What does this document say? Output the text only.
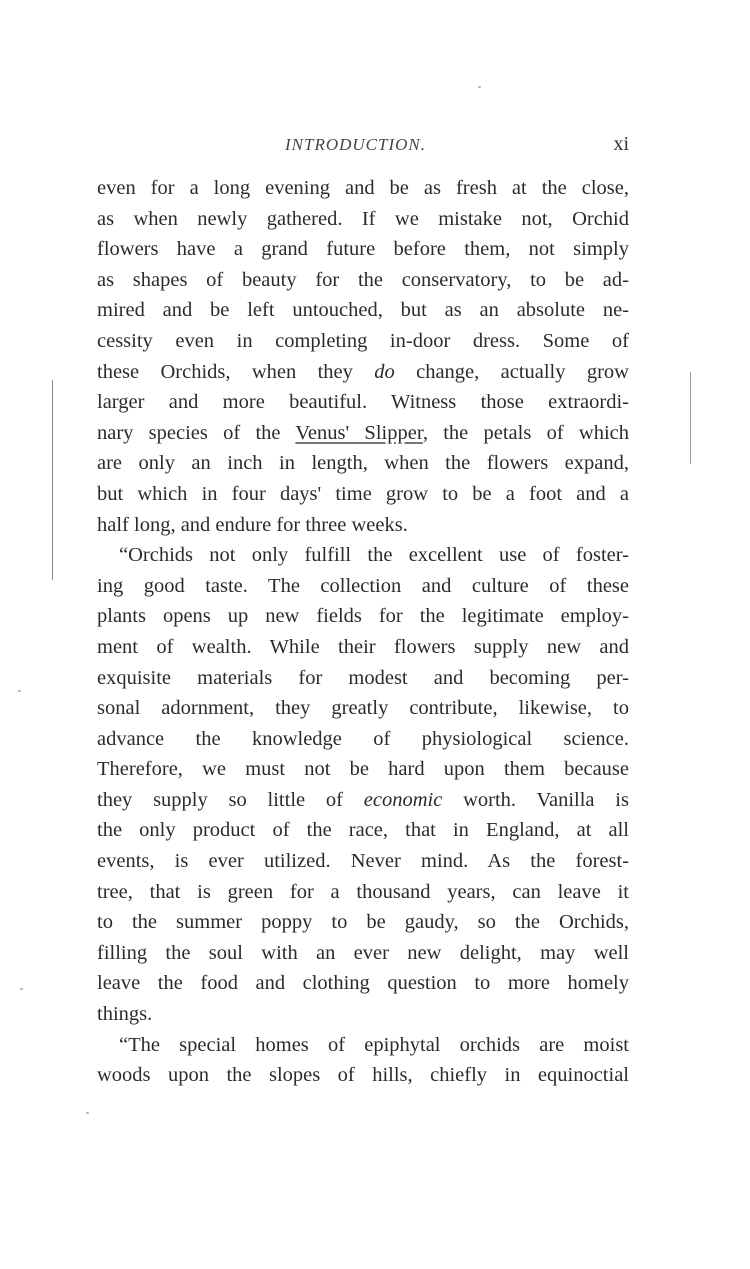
INTRODUCTION.	xi
even for a long evening and be as fresh at the close,
as when newly gathered. If we mistake not, Orchid
flowers have a grand future before them, not simply
as shapes of beauty for the conservatory, to be ad-
mired and be left untouched, but as an absolute ne-
cessity even in completing in-door dress. Some of
these Orchids, when they do change, actually grow
larger and more beautiful. Witness those extraordi-
nary species of the Venus' Slipper, the petals of which
are only an inch in length, when the flowers expand,
but which in four days' time grow to be a foot and a
half long, and endure for three weeks.
“Orchids not only fulfill the excellent use of foster-
ing good taste. The collection and culture of these
plants opens up new fields for the legitimate employ-
ment of wealth. While their flowers supply new and
exquisite materials for modest and becoming per-
sonal adornment, they greatly contribute, likewise, to
advance the knowledge of physiological science.
Therefore, we must not be hard upon them because
they supply so little of economic worth. Vanilla is
the only product of the race, that in England, at all
events, is ever utilized. Never mind. As the forest-
tree, that is green for a thousand years, can leave it
to the summer poppy to be gaudy, so the Orchids,
filling the soul with an ever new delight, may well
leave the food and clothing question to more homely
things.
“The special homes of epiphytal orchids are moist
woods upon the slopes of hills, chiefly in equinoctial
